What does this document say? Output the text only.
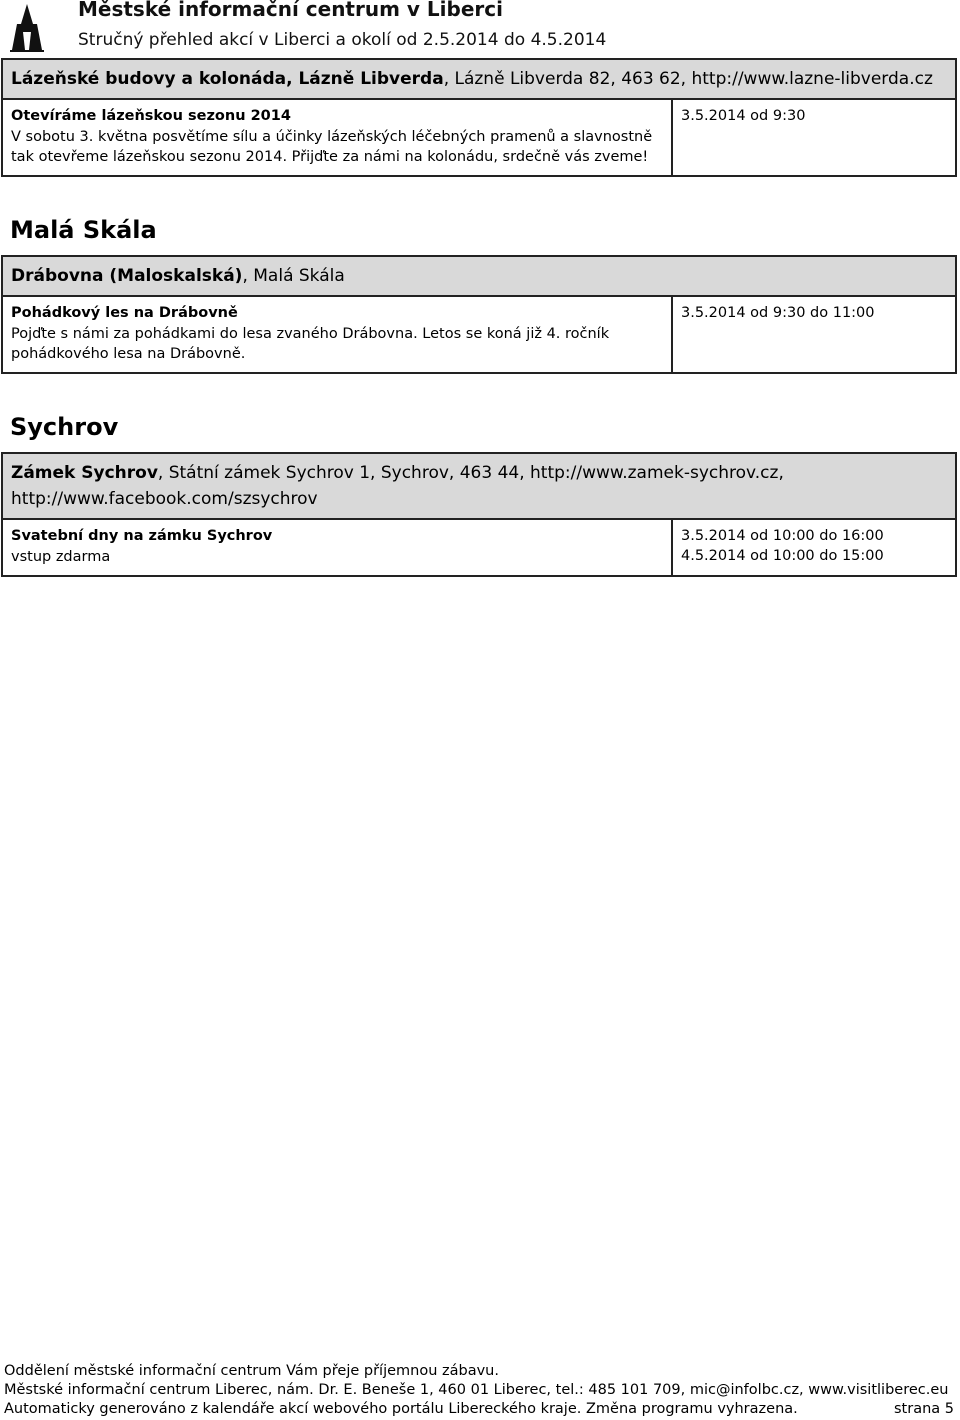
Městské informační centrum v Liberci
Stručný přehled akcí v Liberci a okolí od 2.5.2014 do 4.5.2014
Lázeňské budovy a kolonáda, Lázně Libverda, Lázně Libverda 82, 463 62, http://www.lazne-libverda.cz
Otevíráme lázeňskou sezonu 2014
V sobotu 3. května posvětíme sílu a účinky lázeňských léčebných pramenů a slavnostně tak otevřeme lázeňskou sezonu 2014. Přijďte za námi na kolonádu, srdečně vás zveme!
3.5.2014 od 9:30
Malá Skála
Drábovna (Maloskalská), Malá Skála
Pohádkový les na Drábovně
Pojďte s námi za pohádkami do lesa zvaného Drábovna. Letos se koná již 4. ročník pohádkového lesa na Drábovně.
3.5.2014 od 9:30 do 11:00
Sychrov
Zámek Sychrov, Státní zámek Sychrov 1, Sychrov, 463 44, http://www.zamek-sychrov.cz, http://www.facebook.com/szsychrov
Svatební dny na zámku Sychrov
vstup zdarma
3.5.2014 od 10:00 do 16:00
4.5.2014 od 10:00 do 15:00
Oddělení městské informační centrum Vám přeje příjemnou zábavu.
Městské informační centrum Liberec, nám. Dr. E. Beneše 1, 460 01 Liberec, tel.: 485 101 709, mic@infolbc.cz, www.visitliberec.eu
Automaticky generováno z kalendáře akcí webového portálu Libereckého kraje. Změna programu vyhrazena.	strana 5
